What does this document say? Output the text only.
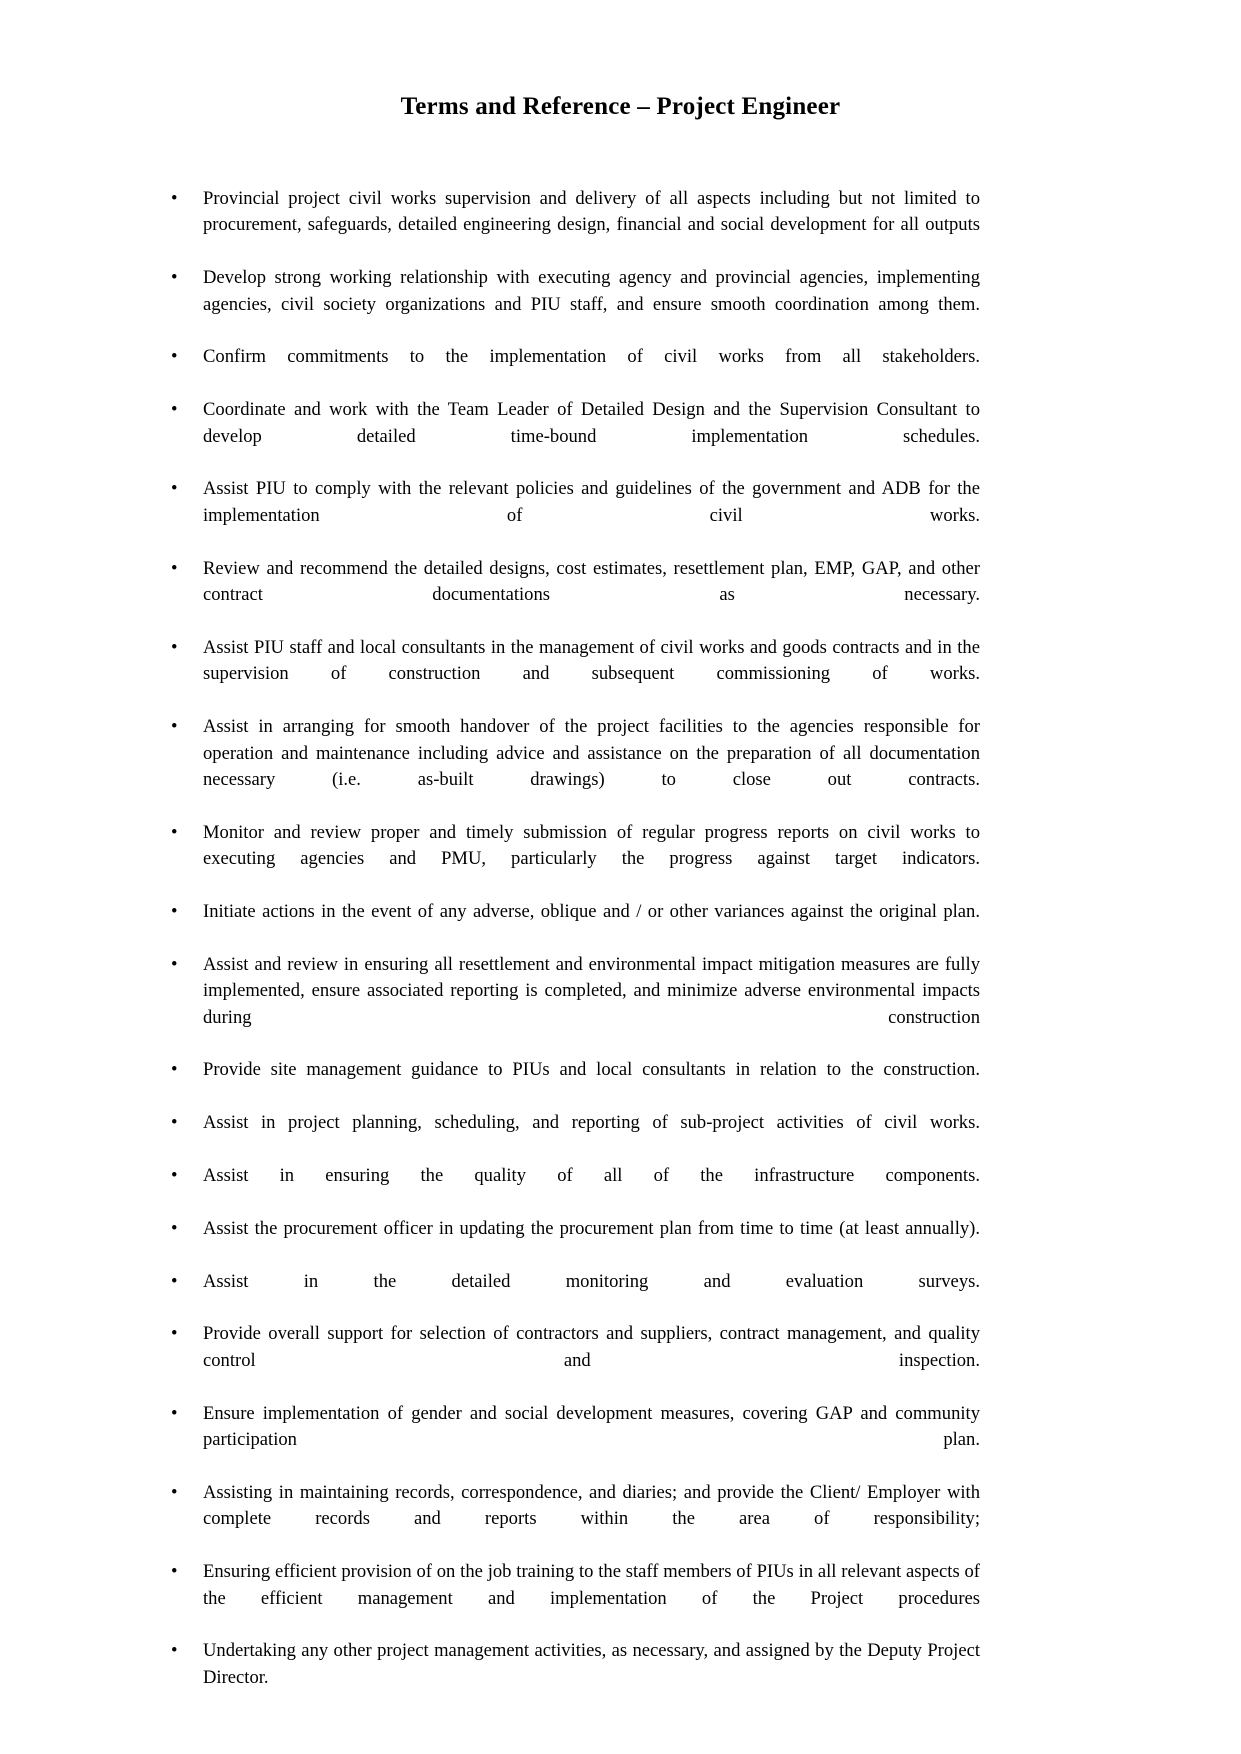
Terms and Reference – Project Engineer
• Provincial project civil works supervision and delivery of all aspects including but not limited to procurement, safeguards, detailed engineering design, financial and social development for all outputs
• Develop strong working relationship with executing agency and provincial agencies, implementing agencies, civil society organizations and PIU staff, and ensure smooth coordination among them.
• Confirm commitments to the implementation of civil works from all stakeholders.
• Coordinate and work with the Team Leader of Detailed Design and the Supervision Consultant to develop detailed time-bound implementation schedules.
• Assist PIU to comply with the relevant policies and guidelines of the government and ADB for the implementation of civil works.
• Review and recommend the detailed designs, cost estimates, resettlement plan, EMP, GAP, and other contract documentations as necessary.
• Assist PIU staff and local consultants in the management of civil works and goods contracts and in the supervision of construction and subsequent commissioning of works.
• Assist in arranging for smooth handover of the project facilities to the agencies responsible for operation and maintenance including advice and assistance on the preparation of all documentation necessary (i.e. as-built drawings) to close out contracts.
• Monitor and review proper and timely submission of regular progress reports on civil works to executing agencies and PMU, particularly the progress against target indicators.
• Initiate actions in the event of any adverse, oblique and / or other variances against the original plan.
• Assist and review in ensuring all resettlement and environmental impact mitigation measures are fully implemented, ensure associated reporting is completed, and minimize adverse environmental impacts during construction
• Provide site management guidance to PIUs and local consultants in relation to the construction.
• Assist in project planning, scheduling, and reporting of sub-project activities of civil works.
• Assist in ensuring the quality of all of the infrastructure components.
• Assist the procurement officer in updating the procurement plan from time to time (at least annually).
• Assist in the detailed monitoring and evaluation surveys.
• Provide overall support for selection of contractors and suppliers, contract management, and quality control and inspection.
• Ensure implementation of gender and social development measures, covering GAP and community participation plan.
• Assisting in maintaining records, correspondence, and diaries; and provide the Client/ Employer with complete records and reports within the area of responsibility;
• Ensuring efficient provision of on the job training to the staff members of PIUs in all relevant aspects of the efficient management and implementation of the Project procedures
• Undertaking any other project management activities, as necessary, and assigned by the Deputy Project Director.
